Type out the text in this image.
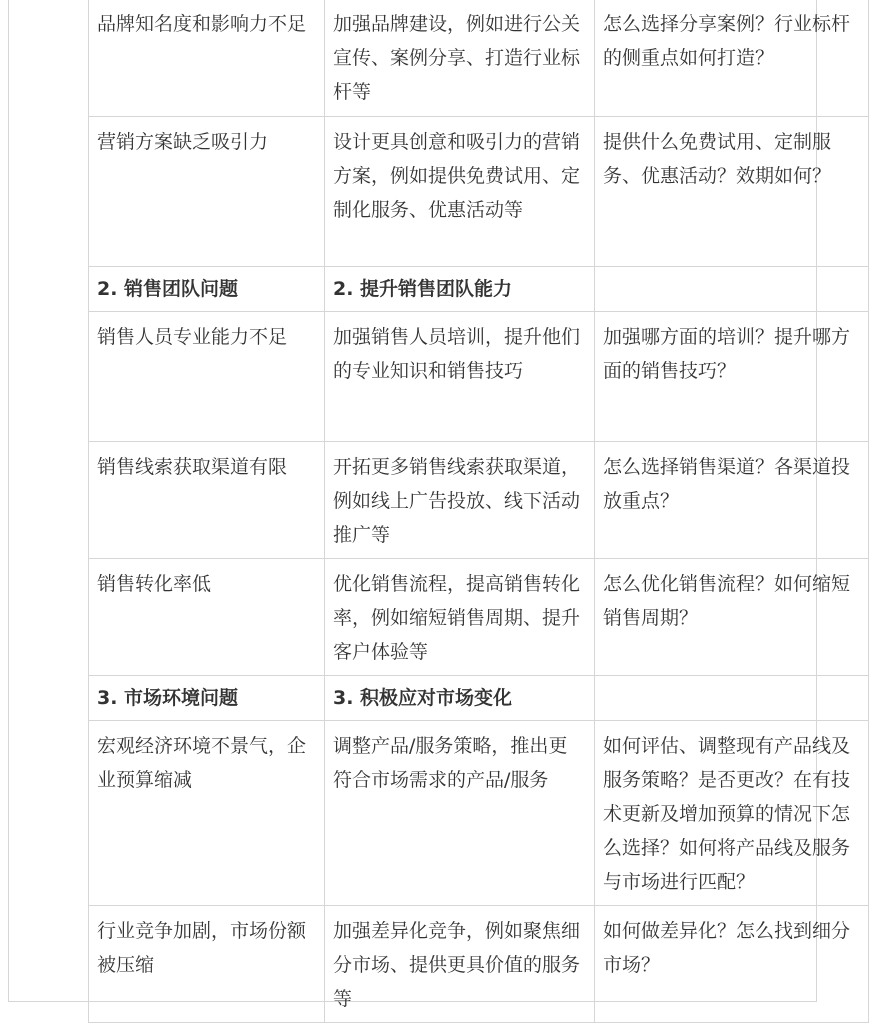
品牌知名度和影响力不足	加强品牌建设，例如进行公关宣传、案例分享、打造行业标杆等	怎么选择分享案例？行业标杆的侧重点如何打造？
营销方案缺乏吸引力	设计更具创意和吸引力的营销方案，例如提供免费试用、定制化服务、优惠活动等	提供什么免费试用、定制服务、优惠活动？效期如何？
2. 销售团队问题	2. 提升销售团队能力	
销售人员专业能力不足	加强销售人员培训，提升他们的专业知识和销售技巧	加强哪方面的培训？提升哪方面的销售技巧？
销售线索获取渠道有限	开拓更多销售线索获取渠道，例如线上广告投放、线下活动推广等	怎么选择销售渠道？各渠道投放重点？
销售转化率低	优化销售流程，提高销售转化率，例如缩短销售周期、提升客户体验等	怎么优化销售流程？如何缩短销售周期？
3. 市场环境问题	3. 积极应对市场变化	
宏观经济环境不景气，企业预算缩减	调整产品/服务策略，推出更符合市场需求的产品/服务	如何评估、调整现有产品线及服务策略？是否更改？在有技术更新及增加预算的情况下怎么选择？如何将产品线及服务与市场进行匹配？
行业竞争加剧，市场份额被压缩	加强差异化竞争，例如聚焦细分市场、提供更具价值的服务等	如何做差异化？怎么找到细分市场？
